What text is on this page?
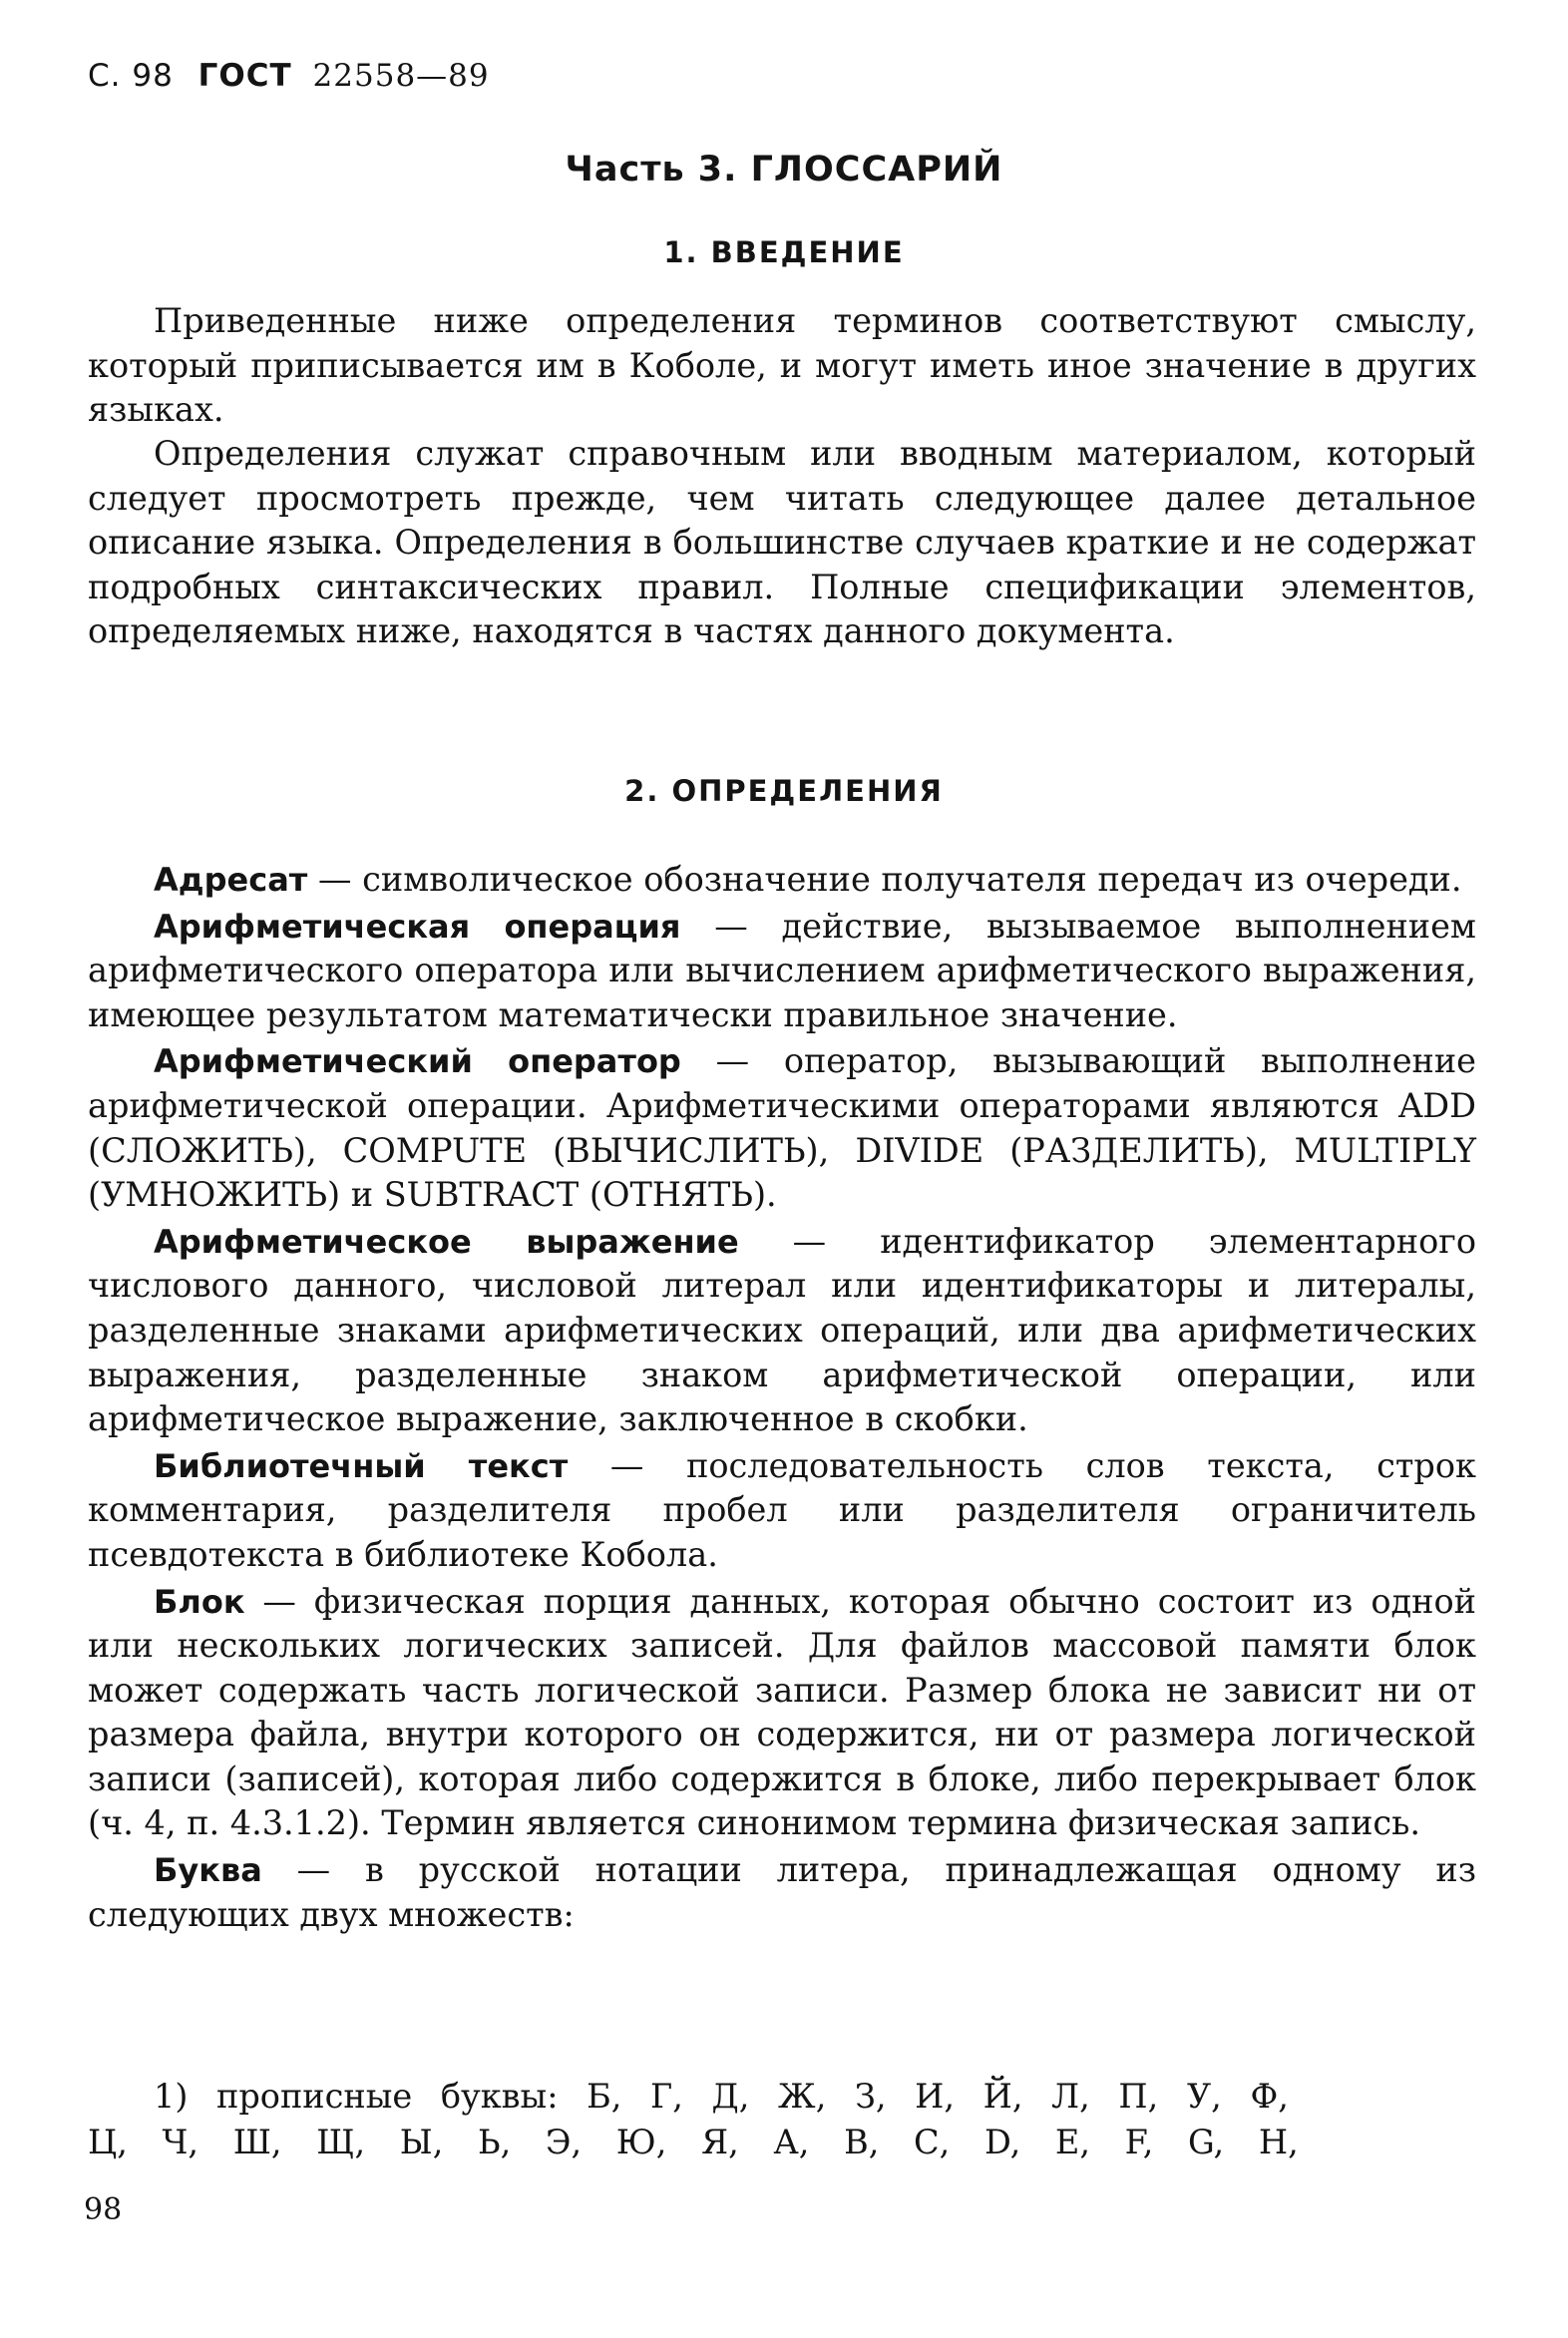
С. 98 ГОСТ 22558—89
Часть 3. ГЛОССАРИЙ
1. ВВЕДЕНИЕ

Приведенные ниже определения терминов соответствуют смыслу, который приписывается им в Коболе, и могут иметь иное значение в других языках.

Определения служат справочным или вводным материалом, который следует просмотреть прежде, чем читать следующее далее детальное описание языка. Определения в большинстве случаев краткие и не содержат подробных синтаксических правил. Полные спецификации элементов, определяемых ниже, находятся в частях данного документа.

2. ОПРЕДЕЛЕНИЯ

Адресат — символическое обозначение получателя передач из очереди.

Арифметическая операция — действие, вызываемое выполнением арифметического оператора или вычислением арифметического выражения, имеющее результатом математически правильное значение.

Арифметический оператор — оператор, вызывающий выполнение арифметической операции. Арифметическими операторами являются ADD (СЛОЖИТЬ), COMPUTE (ВЫЧИСЛИТЬ), DIVIDE (РАЗДЕЛИТЬ), MULTIPLY (УМНОЖИТЬ) и SUBTRACT (ОТНЯТЬ).

Арифметическое выражение — идентификатор элементарного числового данного, числовой литерал или идентификаторы и литералы, разделенные знаками арифметических операций, или два арифметических выражения, разделенные знаком арифметической операции, или арифметическое выражение, заключенное в скобки.

Библиотечный текст — последовательность слов текста, строк комментария, разделителя пробел или разделителя ограничитель псевдотекста в библиотеке Кобола.

Блок — физическая порция данных, которая обычно состоит из одной или нескольких логических записей. Для файлов массовой памяти блок может содержать часть логической записи. Размер блока не зависит ни от размера файла, внутри которого он содержится, ни от размера логической записи (записей), которая либо содержится в блоке, либо перекрывает блок (ч. 4, п. 4.3.1.2). Термин является синонимом термина физическая запись.

Буква — в русской нотации литера, принадлежащая одному из следующих двух множеств:

1) прописные буквы: Б, Г, Д, Ж, З, И, Й, Л, П, У, Ф,

Ц, Ч, Ш, Щ, Ы, Ь, Э, Ю, Я, А, В, С, D, Е, F, G, Н,

98
